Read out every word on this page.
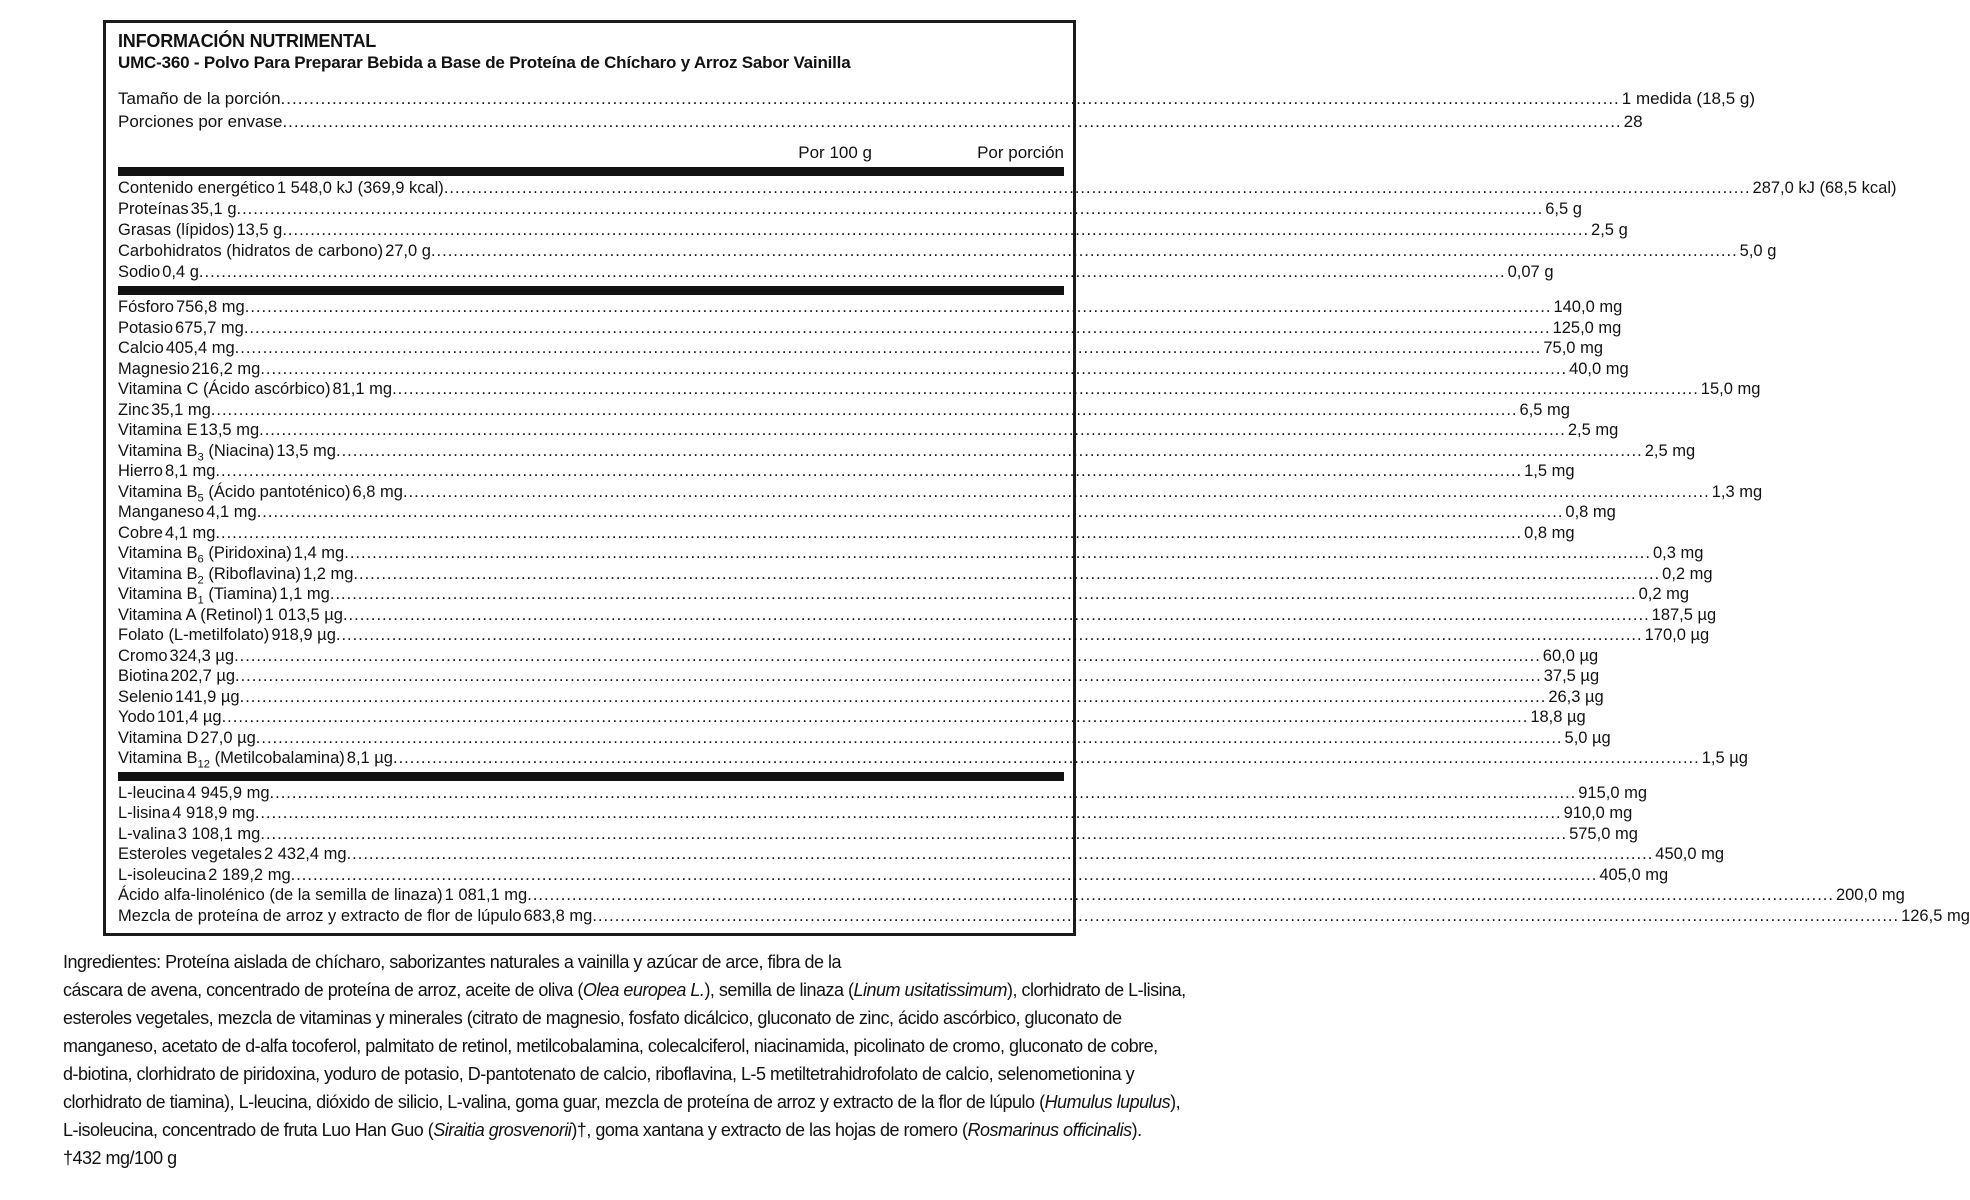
INFORMACIÓN NUTRIMENTAL
UMC-360 - Polvo Para Preparar Bebida a Base de Proteína de Chícharo y Arroz Sabor Vainilla
Tamaño de la porción .....	1 medida (18,5 g)
Porciones por envase .....	28
Por 100 g	Por porción
Contenido energético 1 548,0 kJ (369,9 kcal) .....	287,0 kJ (68,5 kcal)
Proteínas 35,1 g .....	6,5 g
Grasas (lípidos) 13,5 g .....	2,5 g
Carbohidratos (hidratos de carbono) 27,0 g .....	5,0 g
Sodio 0,4 g .....	0,07 g
Fósforo 756,8 mg .....	140,0 mg
Potasio 675,7 mg .....	125,0 mg
Calcio 405,4 mg .....	75,0 mg
Magnesio 216,2 mg .....	40,0 mg
Vitamina C (Ácido ascórbico) 81,1 mg .....	15,0 mg
Zinc 35,1 mg .....	6,5 mg
Vitamina E 13,5 mg .....	2,5 mg
Vitamina $B_3$ (Niacina) 13,5 mg .....	2,5 mg
Hierro 8,1 mg .....	1,5 mg
Vitamina $B_5$ (Ácido pantoténico) 6,8 mg .....	1,3 mg
Manganeso 4,1 mg .....	0,8 mg
Cobre 4,1 mg .....	0,8 mg
Vitamina $B_6$ (Piridoxina) 1,4 mg .....	0,3 mg
Vitamina $B_2$ (Riboflavina) 1,2 mg .....	0,2 mg
Vitamina $B_1$ (Tiamina) 1,1 mg .....	0,2 mg
Vitamina A (Retinol) 1 013,5 µg .....	187,5 µg
Folato (L-metilfolato) 918,9 µg .....	170,0 µg
Cromo 324,3 µg .....	60,0 µg
Biotina 202,7 µg .....	37,5 µg
Selenio 141,9 µg .....	26,3 µg
Yodo 101,4 µg .....	18,8 µg
Vitamina D 27,0 µg .....	5,0 µg
Vitamina $B_{12}$ (Metilcobalamina) 8,1 µg .....	1,5 µg
L-leucina 4 945,9 mg .....	915,0 mg
L-lisina 4 918,9 mg .....	910,0 mg
L-valina 3 108,1 mg .....	575,0 mg
Esteroles vegetales 2 432,4 mg .....	450,0 mg
L-isoleucina 2 189,2 mg .....	405,0 mg
Ácido alfa-linolénico (de la semilla de linaza) 1 081,1 mg .....	200,0 mg
Mezcla de proteína de arroz y extracto de flor de lúpulo 683,8 mg .....	126,5 mg
Ingredientes: Proteína aislada de chícharo, saborizantes naturales a vainilla y azúcar de arce, fibra de la
cáscara de avena, concentrado de proteína de arroz, aceite de oliva (Olea europea L.), semilla de linaza (Linum usitatissimum), clorhidrato de L-lisina,
esteroles vegetales, mezcla de vitaminas y minerales (citrato de magnesio, fosfato dicálcico, gluconato de zinc, ácido ascórbico, gluconato de
manganeso, acetato de d-alfa tocoferol, palmitato de retinol, metilcobalamina, colecalciferol, niacinamida, picolinato de cromo, gluconato de cobre,
d-biotina, clorhidrato de piridoxina, yoduro de potasio, D-pantotenato de calcio, riboflavina, L-5 metiltetrahidrofolato de calcio, selenometionina y
clorhidrato de tiamina), L-leucina, dióxido de silicio, L-valina, goma guar, mezcla de proteína de arroz y extracto de la flor de lúpulo (Humulus lupulus),
L-isoleucina, concentrado de fruta Luo Han Guo (Siraitia grosvenorii)†, goma xantana y extracto de las hojas de romero (Rosmarinus officinalis).
†432 mg/100 g
